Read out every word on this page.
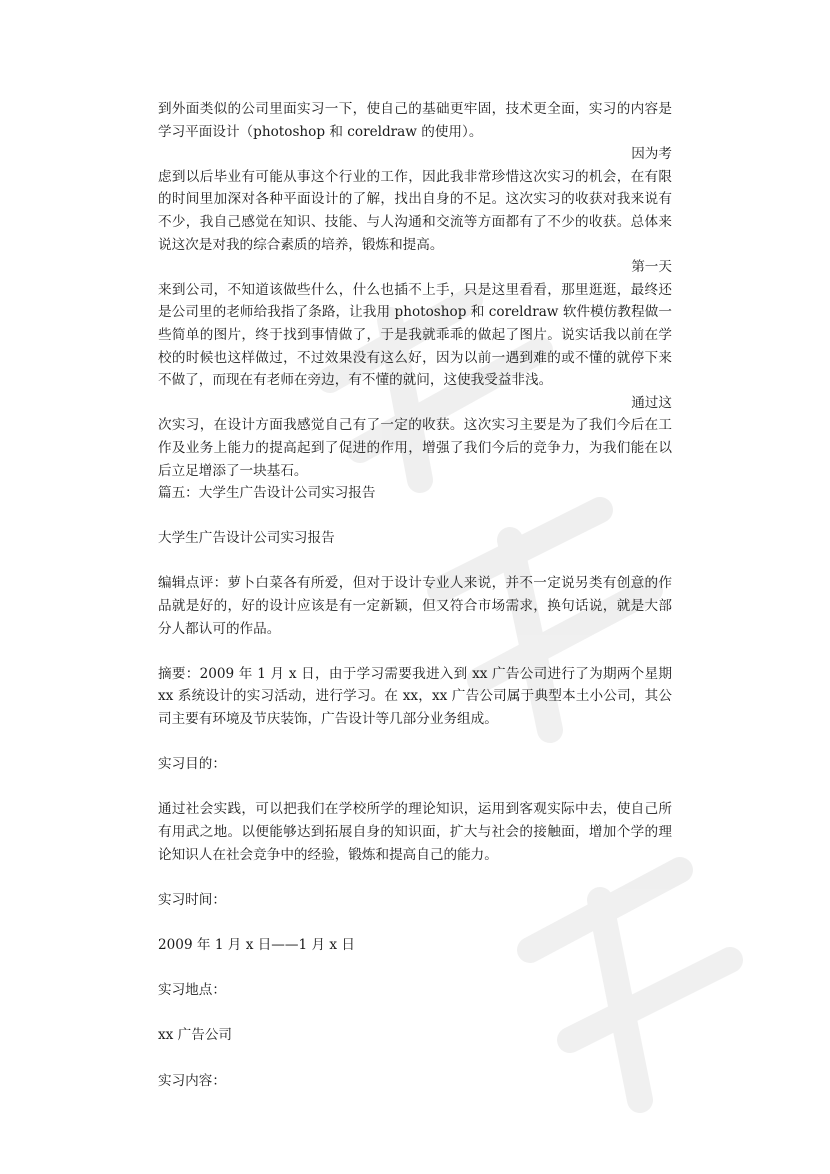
到外面类似的公司里面实习一下，使自己的基础更牢固，技术更全面，实习的内容是学习平面设计（photoshop 和 coreldraw 的使用）。

因为考

虑到以后毕业有可能从事这个行业的工作，因此我非常珍惜这次实习的机会，在有限的时间里加深对各种平面设计的了解，找出自身的不足。这次实习的收获对我来说有不少，我自己感觉在知识、技能、与人沟通和交流等方面都有了不少的收获。总体来说这次是对我的综合素质的培养，锻炼和提高。

第一天

来到公司，不知道该做些什么，什么也插不上手，只是这里看看，那里逛逛，最终还是公司里的老师给我指了条路，让我用 photoshop 和 coreldraw 软件模仿教程做一些简单的图片，终于找到事情做了，于是我就乖乖的做起了图片。说实话我以前在学校的时候也这样做过，不过效果没有这么好，因为以前一遇到难的或不懂的就停下来不做了，而现在有老师在旁边，有不懂的就问，这使我受益非浅。

通过这

次实习，在设计方面我感觉自己有了一定的收获。这次实习主要是为了我们今后在工作及业务上能力的提高起到了促进的作用，增强了我们今后的竞争力，为我们能在以后立足增添了一块基石。

篇五：大学生广告设计公司实习报告

大学生广告设计公司实习报告

编辑点评：萝卜白菜各有所爱，但对于设计专业人来说，并不一定说另类有创意的作品就是好的，好的设计应该是有一定新颖，但又符合市场需求，换句话说，就是大部分人都认可的作品。

摘要：2009 年 1 月 x 日，由于学习需要我进入到 xx 广告公司进行了为期两个星期 xx 系统设计的实习活动，进行学习。在 xx，xx 广告公司属于典型本土小公司，其公司主要有环境及节庆装饰，广告设计等几部分业务组成。

实习目的：

通过社会实践，可以把我们在学校所学的理论知识，运用到客观实际中去，使自己所有用武之地。以便能够达到拓展自身的知识面，扩大与社会的接触面，增加个学的理论知识人在社会竞争中的经验，锻炼和提高自己的能力。

实习时间：

2009 年 1 月 x 日——1 月 x 日

实习地点：

xx 广告公司

实习内容：
